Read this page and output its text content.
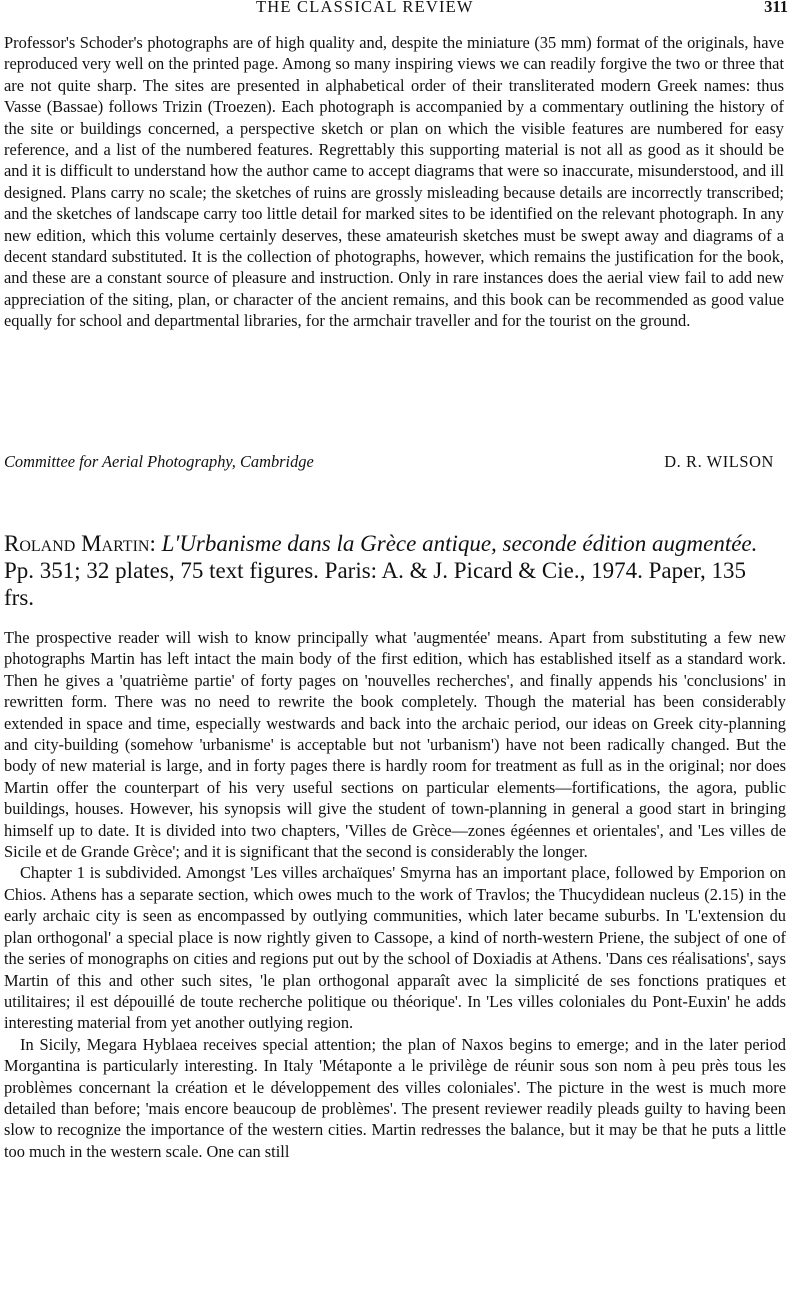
THE CLASSICAL REVIEW	311

Professor's Schoder's photographs are of high quality and, despite the miniature (35 mm) format of the originals, have reproduced very well on the printed page. Among so many inspiring views we can readily forgive the two or three that are not quite sharp. The sites are presented in alphabetical order of their transliterated modern Greek names: thus Vasse (Bassae) follows Trizin (Troezen). Each photograph is accompanied by a commentary outlining the history of the site or buildings concerned, a perspective sketch or plan on which the visible features are numbered for easy reference, and a list of the numbered features. Regrettably this supporting material is not all as good as it should be and it is difficult to understand how the author came to accept diagrams that were so inaccurate, misunderstood, and ill designed. Plans carry no scale; the sketches of ruins are grossly misleading because details are incorrectly transcribed; and the sketches of landscape carry too little detail for marked sites to be identified on the relevant photograph. In any new edition, which this volume certainly deserves, these amateurish sketches must be swept away and diagrams of a decent standard substituted. It is the collection of photographs, however, which remains the justification for the book, and these are a constant source of pleasure and instruction. Only in rare instances does the aerial view fail to add new appreciation of the siting, plan, or character of the ancient remains, and this book can be recommended as good value equally for school and departmental libraries, for the armchair traveller and for the tourist on the ground.

Committee for Aerial Photography, Cambridge	D. R. WILSON
Roland Martin: L'Urbanisme dans la Grèce antique, seconde édition augmentée. Pp. 351; 32 plates, 75 text figures. Paris: A. & J. Picard & Cie., 1974. Paper, 135 frs.

The prospective reader will wish to know principally what 'augmentée' means. Apart from substituting a few new photographs Martin has left intact the main body of the first edition, which has established itself as a standard work. Then he gives a 'quatrième partie' of forty pages on 'nouvelles recherches', and finally appends his 'conclusions' in rewritten form. There was no need to rewrite the book completely. Though the material has been considerably extended in space and time, especially westwards and back into the archaic period, our ideas on Greek city-planning and city-building (somehow 'urbanisme' is acceptable but not 'urbanism') have not been radically changed. But the body of new material is large, and in forty pages there is hardly room for treatment as full as in the original; nor does Martin offer the counterpart of his very useful sections on particular elements—fortifications, the agora, public buildings, houses. However, his synopsis will give the student of town-planning in general a good start in bringing himself up to date. It is divided into two chapters, 'Villes de Grèce—zones égéennes et orientales', and 'Les villes de Sicile et de Grande Grèce'; and it is significant that the second is considerably the longer.

Chapter 1 is subdivided. Amongst 'Les villes archaïques' Smyrna has an important place, followed by Emporion on Chios. Athens has a separate section, which owes much to the work of Travlos; the Thucydidean nucleus (2.15) in the early archaic city is seen as encompassed by outlying communities, which later became suburbs. In 'L'extension du plan orthogonal' a special place is now rightly given to Cassope, a kind of north-western Priene, the subject of one of the series of monographs on cities and regions put out by the school of Doxiadis at Athens. 'Dans ces réalisations', says Martin of this and other such sites, 'le plan orthogonal apparaît avec la simplicité de ses fonctions pratiques et utilitaires; il est dépouillé de toute recherche politique ou théorique'. In 'Les villes coloniales du Pont-Euxin' he adds interesting material from yet another outlying region.

In Sicily, Megara Hyblaea receives special attention; the plan of Naxos begins to emerge; and in the later period Morgantina is particularly interesting. In Italy 'Métaponte a le privilège de réunir sous son nom à peu près tous les problèmes concernant la création et le développement des villes coloniales'. The picture in the west is much more detailed than before; 'mais encore beaucoup de problèmes'. The present reviewer readily pleads guilty to having been slow to recognize the importance of the western cities. Martin redresses the balance, but it may be that he puts a little too much in the western scale. One can still
